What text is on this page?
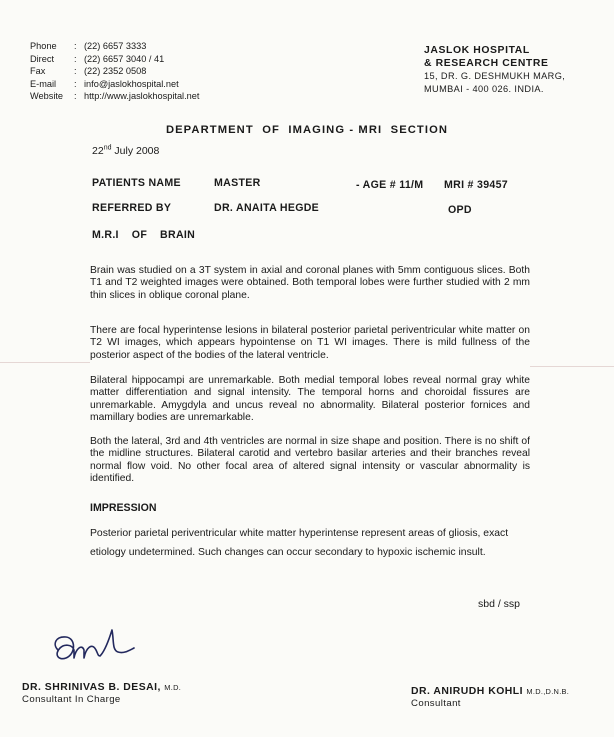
Phone	: (22) 6657 3333
Direct	: (22) 6657 3040 / 41
Fax	: (22) 2352 0508
E-mail	: info@jaslokhospital.net
Website	: http://www.jaslokhospital.net
JASLOK HOSPITAL
& RESEARCH CENTRE
15, DR. G. DESHMUKH MARG,
MUMBAI - 400 026. INDIA.
DEPARTMENT  OF  IMAGING - MRI  SECTION
22nd July 2008
PATIENTS NAME	MASTER	- AGE # 11/M MRI # 39457
REFERRED BY	DR. ANAITA HEGDE	OPD
M.R.I    OF    BRAIN

Brain was studied on a 3T system in axial and coronal planes with 5mm contiguous slices. Both T1 and T2 weighted images were obtained. Both temporal lobes were further studied with 2 mm thin slices in oblique coronal plane.

There are focal hyperintense lesions in bilateral posterior parietal periventricular white matter on T2 WI images, which appears hypointense on T1 WI images. There is mild fullness of the posterior aspect of the bodies of the lateral ventricle.

Bilateral hippocampi are unremarkable. Both medial temporal lobes reveal normal gray white matter differentiation and signal intensity. The temporal horns and choroidal fissures are unremarkable. Amygdyla and uncus reveal no abnormality. Bilateral posterior fornices and mamillary bodies are unremarkable.

Both the lateral, 3rd and 4th ventricles are normal in size shape and position. There is no shift of the midline structures. Bilateral carotid and vertebro basilar arteries and their branches reveal normal flow void. No other focal area of altered signal intensity or vascular abnormality is identified.

IMPRESSION
Posterior parietal periventricular white matter hyperintense represent areas of gliosis, exact etiology undetermined. Such changes can occur secondary to hypoxic ischemic insult.
sbd / ssp
DR. SHRINIVAS B. DESAI, M.D.
Consultant In Charge
DR. ANIRUDH KOHLI M.D.,D.N.B.
Consultant
